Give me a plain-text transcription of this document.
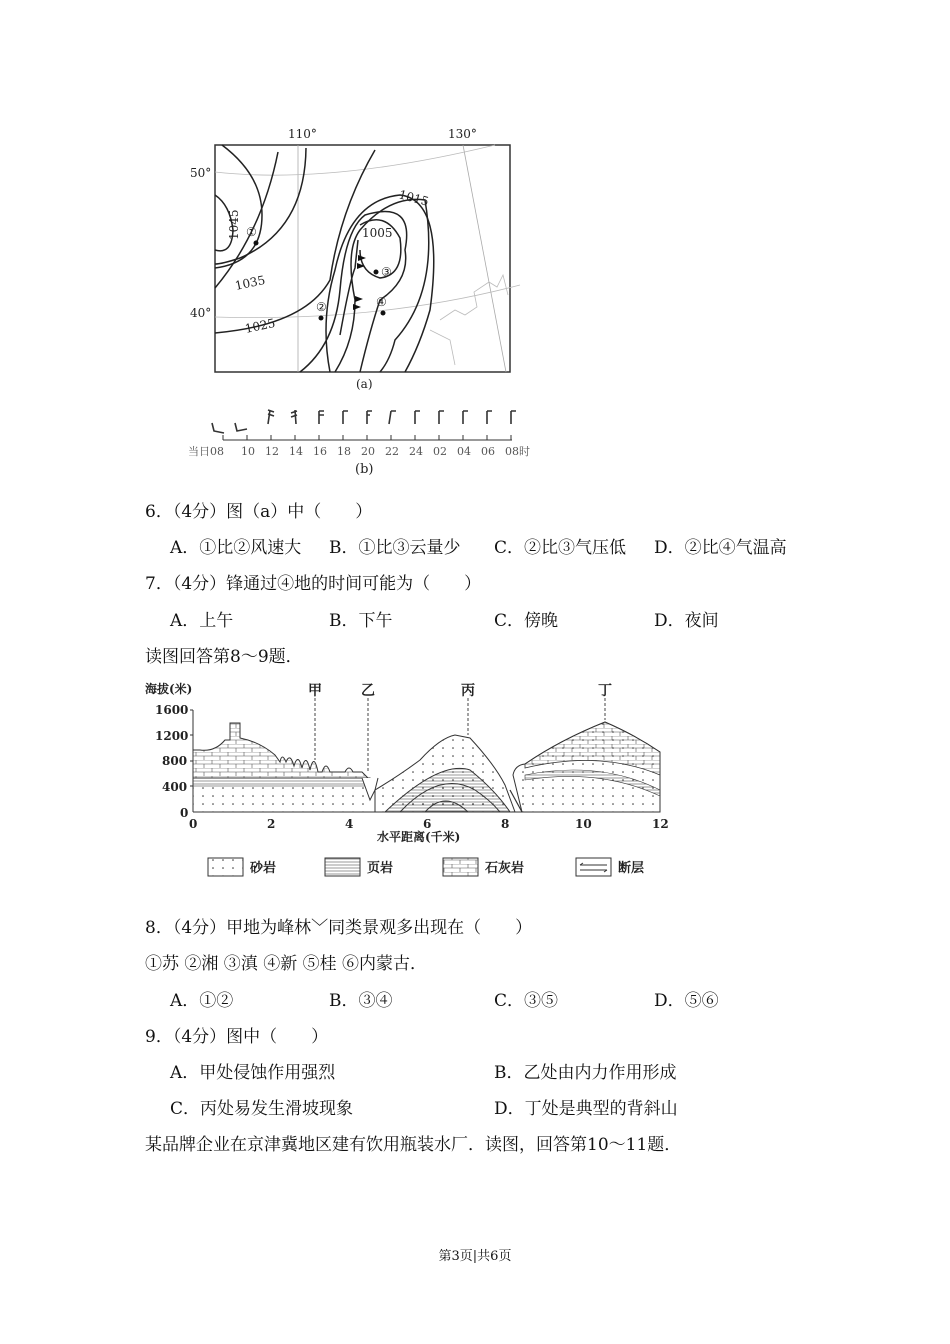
110°	130°
50°
40°
1045
1035
1025
1015
1005
①
②
③
④
(a)
当日08 10 12 14 16 18 20 22 24 02 04 06 08 时
(b)
6．（4分）图（a）中（　　）
A．①比②风速大 B．①比③云量少 C．②比③气压低 D．②比④气温高
7．（4分）锋通过④地的时间可能为（　　）
A．上午	B．下午	C．傍晚	D．夜间
读图回答第8～9题．
海拔(米)
1600
1200
800
400
0
0	2	4	6	8	10	12
水平距离(千米)
甲	乙	丙	丁
砂岩	页岩	石灰岩	断层
8．（4分）甲地为峰林﹀同类景观多出现在（　　）
①苏 ②湘 ③滇 ④新 ⑤桂 ⑥内蒙古．
A．①②	B．③④	C．③⑤	D．⑤⑥
9．（4分）图中（　　）
A．甲处侵蚀作用强烈	B．乙处由内力作用形成
C．丙处易发生滑坡现象	D．丁处是典型的背斜山
某品牌企业在京津冀地区建有饮用瓶装水厂．读图，回答第10～11题．
第3页|共6页
